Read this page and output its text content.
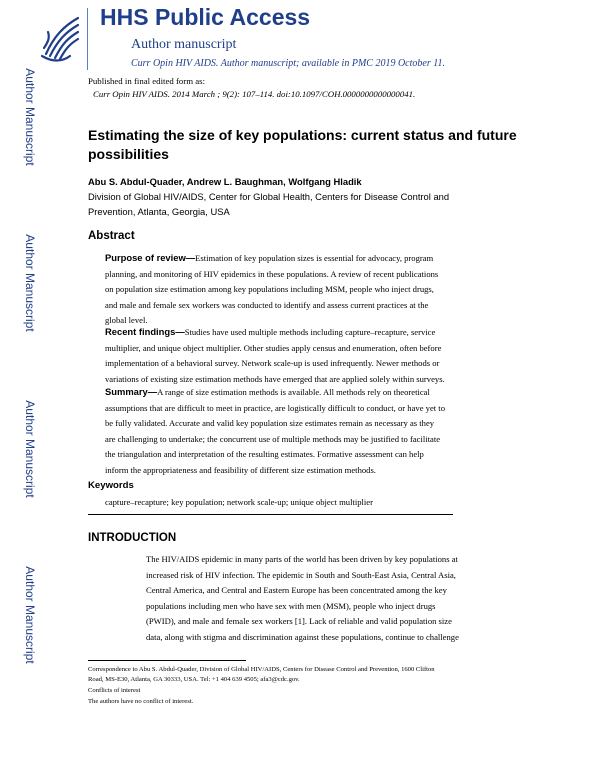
Author Manuscript
Author Manuscript
Author Manuscript
Author Manuscript
HHS Public Access
Author manuscript
Curr Opin HIV AIDS. Author manuscript; available in PMC 2019 October 11.
Published in final edited form as:
Curr Opin HIV AIDS. 2014 March ; 9(2): 107–114. doi:10.1097/COH.0000000000000041.
Estimating the size of key populations: current status and future
possibilities
Abu S. Abdul-Quader, Andrew L. Baughman, Wolfgang Hladik
Division of Global HIV/AIDS, Center for Global Health, Centers for Disease Control and
Prevention, Atlanta, Georgia, USA
Abstract
Purpose of review—Estimation of key population sizes is essential for advocacy, program
planning, and monitoring of HIV epidemics in these populations. A review of recent publications
on population size estimation among key populations including MSM, people who inject drugs,
and male and female sex workers was conducted to identify and assess current practices at the
global level.
Recent findings—Studies have used multiple methods including capture–recapture, service
multiplier, and unique object multiplier. Other studies apply census and enumeration, often before
implementation of a behavioral survey. Network scale-up is used infrequently. Newer methods or
variations of existing size estimation methods have emerged that are applied solely within surveys.
Summary—A range of size estimation methods is available. All methods rely on theoretical
assumptions that are difficult to meet in practice, are logistically difficult to conduct, or have yet to
be fully validated. Accurate and valid key population size estimates remain as necessary as they
are challenging to undertake; the concurrent use of multiple methods may be justified to facilitate
the triangulation and interpretation of the resulting estimates. Formative assessment can help
inform the appropriateness and feasibility of different size estimation methods.
Keywords
capture–recapture; key population; network scale-up; unique object multiplier
INTRODUCTION
The HIV/AIDS epidemic in many parts of the world has been driven by key populations at
increased risk of HIV infection. The epidemic in South and South-East Asia, Central Asia,
Central America, and Central and Eastern Europe has been concentrated among the key
populations including men who have sex with men (MSM), people who inject drugs
(PWID), and male and female sex workers [1]. Lack of reliable and valid population size
data, along with stigma and discrimination against these populations, continue to challenge
Correspondence to Abu S. Abdul-Quader, Division of Global HIV/AIDS, Centers for Disease Control and Prevention, 1600 Clifton
Road, MS-E30, Atlanta, GA 30333, USA. Tel: +1 404 639 4505; afa3@cdc.gov.
Conflicts of interest
The authors have no conflict of interest.
